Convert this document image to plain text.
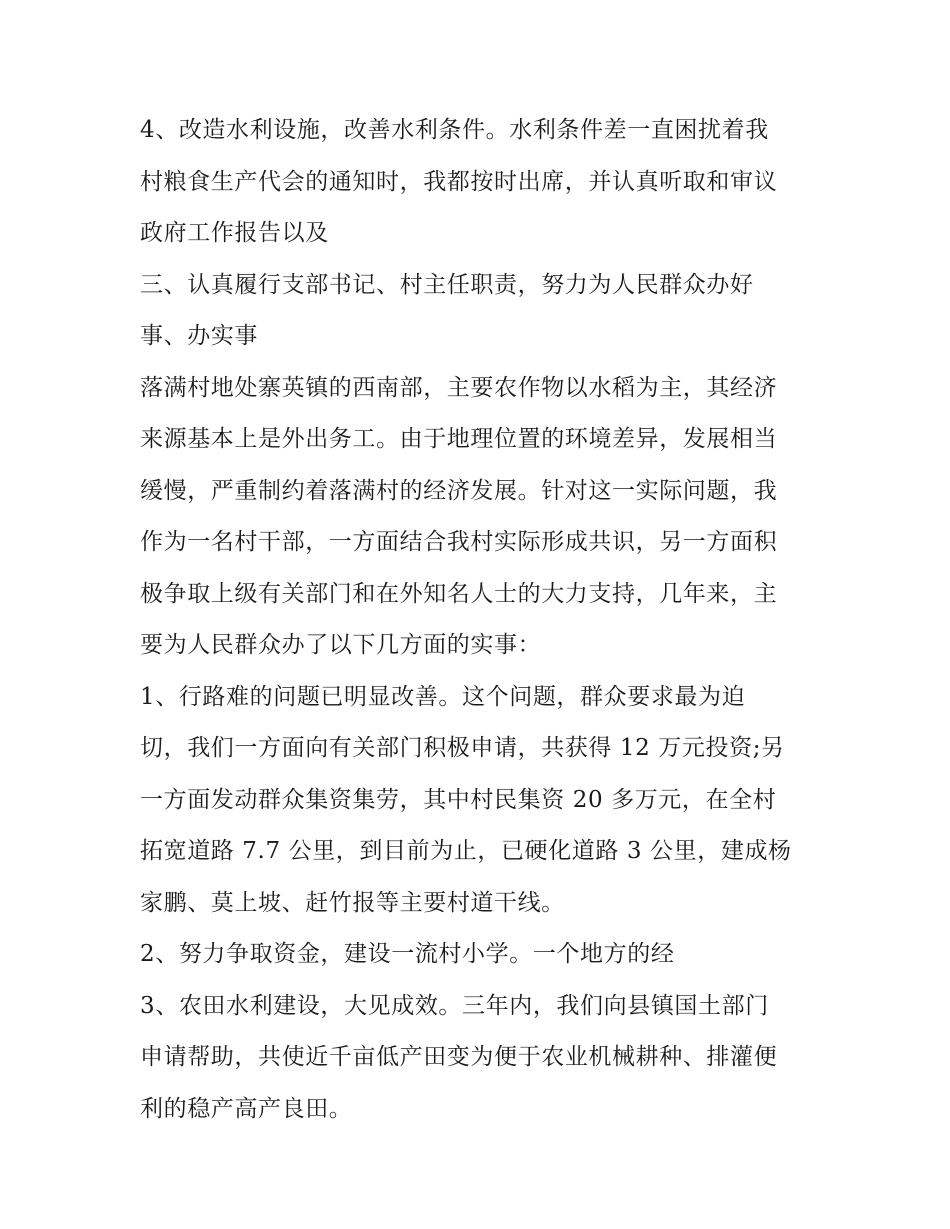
4、改造水利设施，改善水利条件。水利条件差一直困扰着我
村粮食生产代会的通知时，我都按时出席，并认真听取和审议
政府工作报告以及
三、认真履行支部书记、村主任职责，努力为人民群众办好
事、办实事
落满村地处寨英镇的西南部，主要农作物以水稻为主，其经济
来源基本上是外出务工。由于地理位置的环境差异，发展相当
缓慢，严重制约着落满村的经济发展。针对这一实际问题，我
作为一名村干部，一方面结合我村实际形成共识，另一方面积
极争取上级有关部门和在外知名人士的大力支持，几年来，主
要为人民群众办了以下几方面的实事：
1、行路难的问题已明显改善。这个问题，群众要求最为迫
切，我们一方面向有关部门积极申请，共获得 12 万元投资;另
一方面发动群众集资集劳，其中村民集资 20 多万元，在全村
拓宽道路 7.7 公里，到目前为止，已硬化道路 3 公里，建成杨
家鹏、莫上坡、赶竹报等主要村道干线。
2、努力争取资金，建设一流村小学。一个地方的经
3、农田水利建设，大见成效。三年内，我们向县镇国土部门
申请帮助，共使近千亩低产田变为便于农业机械耕种、排灌便
利的稳产高产良田。
